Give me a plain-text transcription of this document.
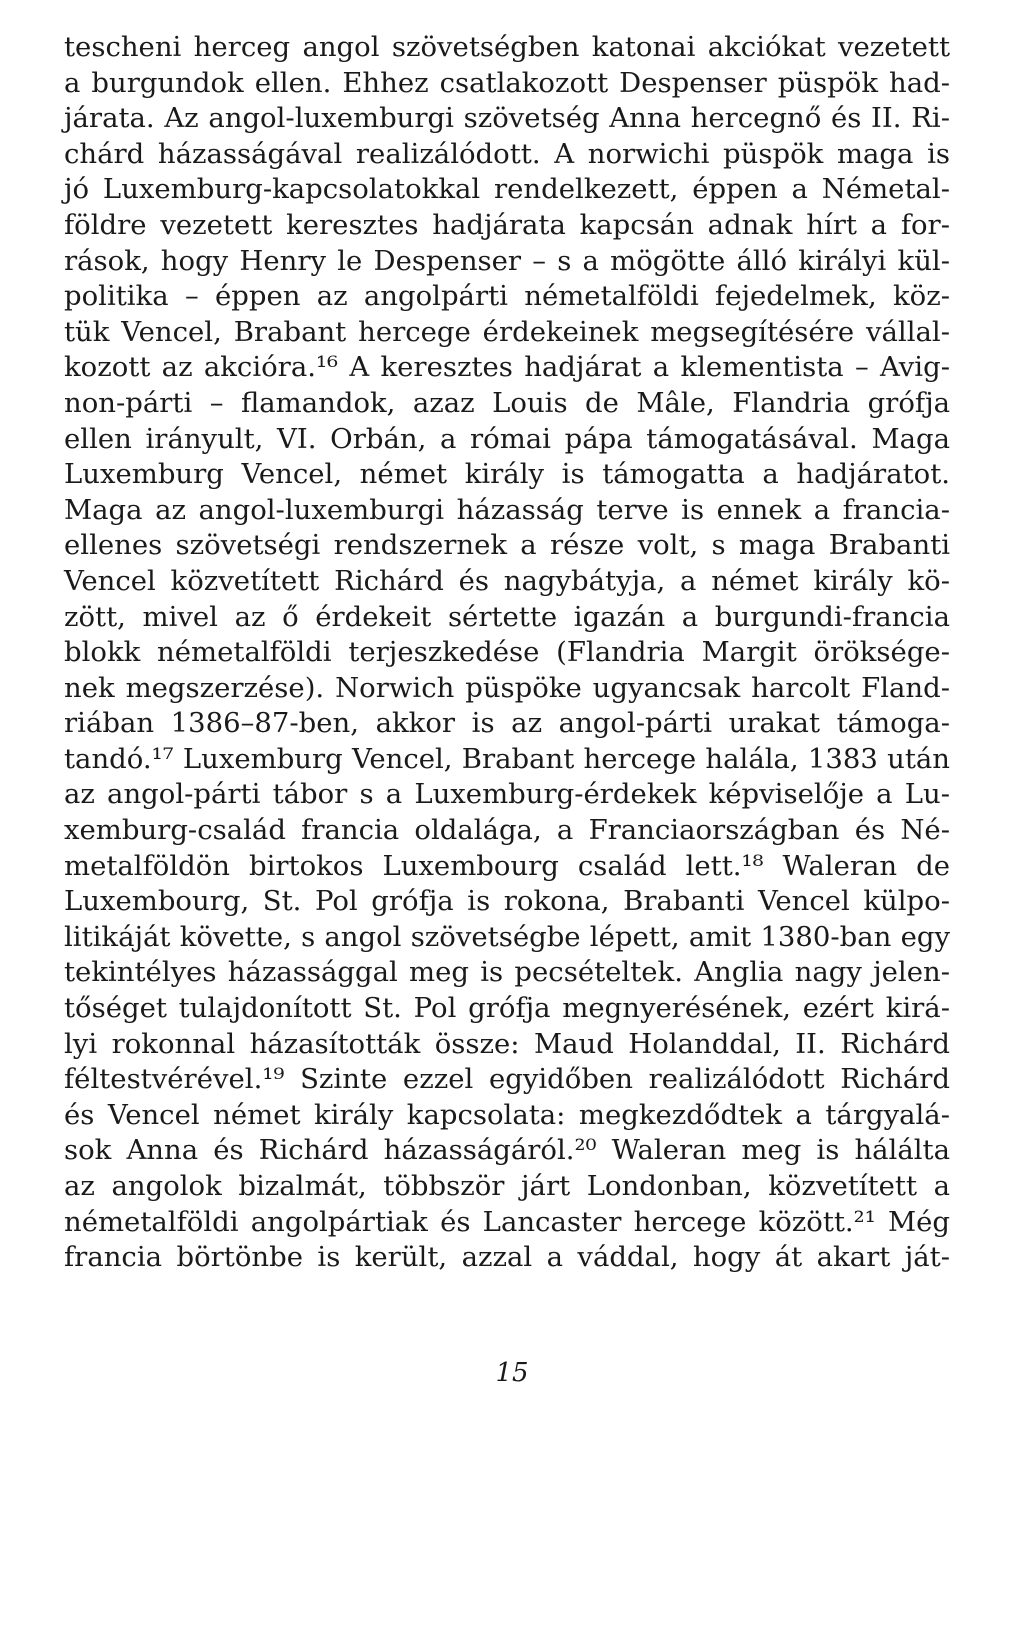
tescheni herceg angol szövetségben katonai akciókat vezetett
a burgundok ellen. Ehhez csatlakozott Despenser püspök had-
járata. Az angol-luxemburgi szövetség Anna hercegnő és II. Ri-
chárd házasságával realizálódott. A norwichi püspök maga is
jó Luxemburg-kapcsolatokkal rendelkezett, éppen a Németal-
földre vezetett keresztes hadjárata kapcsán adnak hírt a for-
rások, hogy Henry le Despenser – s a mögötte álló királyi kül-
politika – éppen az angolpárti németalföldi fejedelmek, köz-
tük Vencel, Brabant hercege érdekeinek megsegítésére vállal-
kozott az akcióra.¹⁶ A keresztes hadjárat a klementista – Avig-
non-párti – flamandok, azaz Louis de Mâle, Flandria grófja
ellen irányult, VI. Orbán, a római pápa támogatásával. Maga
Luxemburg Vencel, német király is támogatta a hadjáratot.
Maga az angol-luxemburgi házasság terve is ennek a francia-
ellenes szövetségi rendszernek a része volt, s maga Brabanti
Vencel közvetített Richárd és nagybátyja, a német király kö-
zött, mivel az ő érdekeit sértette igazán a burgundi-francia
blokk németalföldi terjeszkedése (Flandria Margit öröksége-
nek megszerzése). Norwich püspöke ugyancsak harcolt Fland-
riában 1386–87-ben, akkor is az angol-párti urakat támoga-
tandó.¹⁷ Luxemburg Vencel, Brabant hercege halála, 1383 után
az angol-párti tábor s a Luxemburg-érdekek képviselője a Lu-
xemburg-család francia oldalága, a Franciaországban és Né-
metalföldön birtokos Luxembourg család lett.¹⁸ Waleran de
Luxembourg, St. Pol grófja is rokona, Brabanti Vencel külpo-
litikáját követte, s angol szövetségbe lépett, amit 1380-ban egy
tekintélyes házassággal meg is pecsételtek. Anglia nagy jelen-
tőséget tulajdonított St. Pol grófja megnyerésének, ezért kirá-
lyi rokonnal házasították össze: Maud Holanddal, II. Richárd
féltestvérével.¹⁹ Szinte ezzel egyidőben realizálódott Richárd
és Vencel német király kapcsolata: megkezdődtek a tárgyalá-
sok Anna és Richárd házasságáról.²⁰ Waleran meg is hálálta
az angolok bizalmát, többször járt Londonban, közvetített a
németalföldi angolpártiak és Lancaster hercege között.²¹ Még
francia börtönbe is került, azzal a váddal, hogy át akart ját-
15
